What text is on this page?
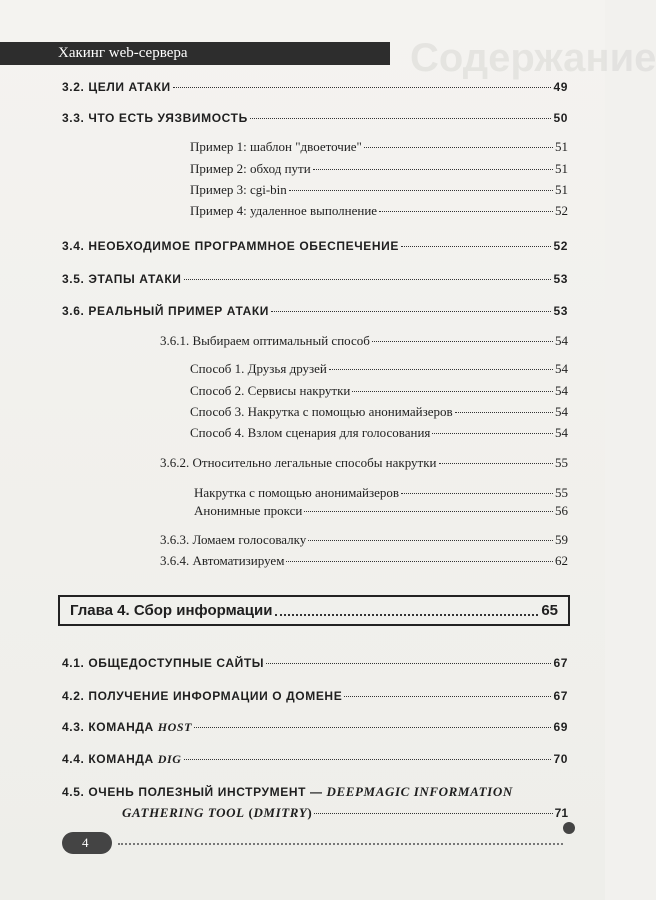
Содержание
Хакинг web-сервера
3.2. ЦЕЛИ АТАКИ	49
3.3. ЧТО ЕСТЬ УЯЗВИМОСТЬ	50
Пример 1: шаблон "двоеточие"	51
Пример 2: обход пути	51
Пример 3: cgi-bin	51
Пример 4: удаленное выполнение	52
3.4. НЕОБХОДИМОЕ ПРОГРАММНОЕ ОБЕСПЕЧЕНИЕ	52
3.5. ЭТАПЫ АТАКИ	53
3.6. РЕАЛЬНЫЙ ПРИМЕР АТАКИ	53
3.6.1. Выбираем оптимальный способ	54
Способ 1. Друзья друзей	54
Способ 2. Сервисы накрутки	54
Способ 3. Накрутка с помощью анонимайзеров	54
Способ 4. Взлом сценария для голосования	54
3.6.2. Относительно легальные способы накрутки	55
Накрутка с помощью анонимайзеров	55
Анонимные прокси	56
3.6.3. Ломаем голосовалку	59
3.6.4. Автоматизируем	62
Глава 4. Сбор информации	65
4.1. ОБЩЕДОСТУПНЫЕ САЙТЫ	67
4.2. ПОЛУЧЕНИЕ ИНФОРМАЦИИ О ДОМЕНЕ	67
4.3. КОМАНДА HOST	69
4.4. КОМАНДА DIG	70
4.5. ОЧЕНЬ ПОЛЕЗНЫЙ ИНСТРУМЕНТ — DEEPMAGIC INFORMATION
GATHERING TOOL (DMITRY)	71
4
